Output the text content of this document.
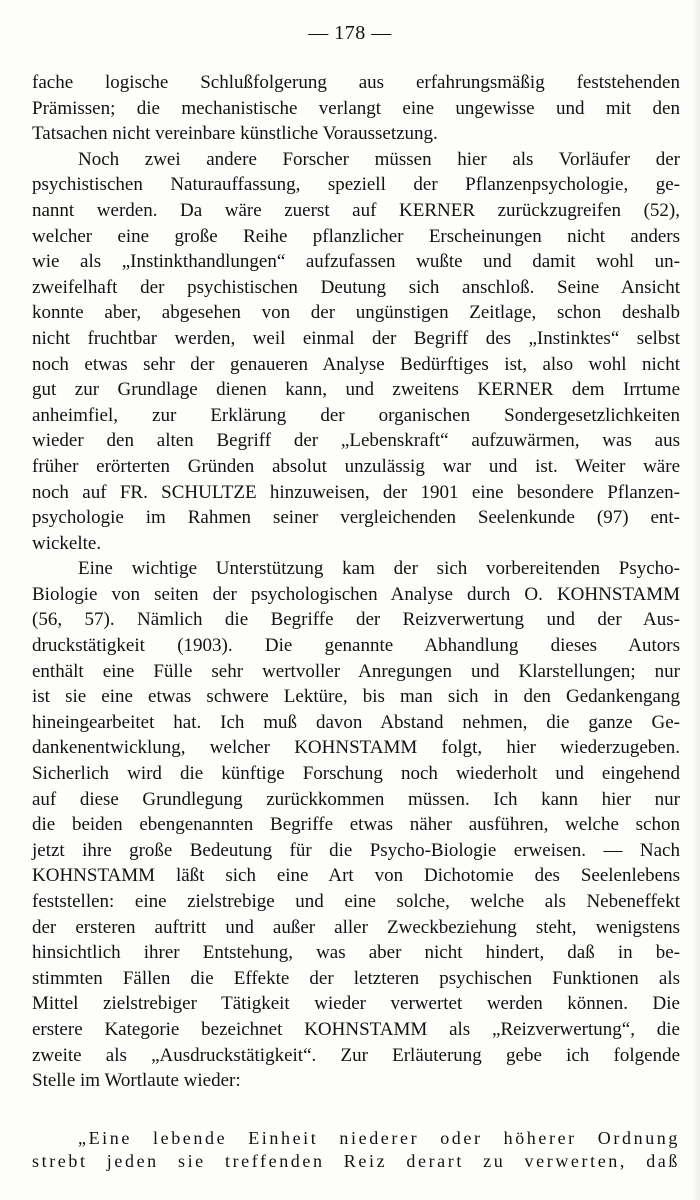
— 178 —
fache logische Schlußfolgerung aus erfahrungsmäßig feststehenden
Prämissen; die mechanistische verlangt eine ungewisse und mit den
Tatsachen nicht vereinbare künstliche Voraussetzung.
Noch zwei andere Forscher müssen hier als Vorläufer der
psychistischen Naturauffassung, speziell der Pflanzenpsychologie, ge-
nannt werden. Da wäre zuerst auf KERNER zurückzugreifen (52),
welcher eine große Reihe pflanzlicher Erscheinungen nicht anders
wie als „Instinkthandlungen“ aufzufassen wußte und damit wohl un-
zweifelhaft der psychistischen Deutung sich anschloß. Seine Ansicht
konnte aber, abgesehen von der ungünstigen Zeitlage, schon deshalb
nicht fruchtbar werden, weil einmal der Begriff des „Instinktes“ selbst
noch etwas sehr der genaueren Analyse Bedürftiges ist, also wohl nicht
gut zur Grundlage dienen kann, und zweitens KERNER dem Irrtume
anheimfiel, zur Erklärung der organischen Sondergesetzlichkeiten
wieder den alten Begriff der „Lebenskraft“ aufzuwärmen, was aus
früher erörterten Gründen absolut unzulässig war und ist. Weiter wäre
noch auf FR. SCHULTZE hinzuweisen, der 1901 eine besondere Pflanzen-
psychologie im Rahmen seiner vergleichenden Seelenkunde (97) ent-
wickelte.
Eine wichtige Unterstützung kam der sich vorbereitenden Psycho-
Biologie von seiten der psychologischen Analyse durch O. KOHNSTAMM
(56, 57). Nämlich die Begriffe der Reizverwertung und der Aus-
druckstätigkeit (1903). Die genannte Abhandlung dieses Autors
enthält eine Fülle sehr wertvoller Anregungen und Klarstellungen; nur
ist sie eine etwas schwere Lektüre, bis man sich in den Gedankengang
hineingearbeitet hat. Ich muß davon Abstand nehmen, die ganze Ge-
dankenentwicklung, welcher KOHNSTAMM folgt, hier wiederzugeben.
Sicherlich wird die künftige Forschung noch wiederholt und eingehend
auf diese Grundlegung zurückkommen müssen. Ich kann hier nur
die beiden ebengenannten Begriffe etwas näher ausführen, welche schon
jetzt ihre große Bedeutung für die Psycho-Biologie erweisen. — Nach
KOHNSTAMM läßt sich eine Art von Dichotomie des Seelenlebens
feststellen: eine zielstrebige und eine solche, welche als Nebeneffekt
der ersteren auftritt und außer aller Zweckbeziehung steht, wenigstens
hinsichtlich ihrer Entstehung, was aber nicht hindert, daß in be-
stimmten Fällen die Effekte der letzteren psychischen Funktionen als
Mittel zielstrebiger Tätigkeit wieder verwertet werden können. Die
erstere Kategorie bezeichnet KOHNSTAMM als „Reizverwertung“, die
zweite als „Ausdruckstätigkeit“. Zur Erläuterung gebe ich folgende
Stelle im Wortlaute wieder:
„Eine lebende Einheit niederer oder höherer Ordnung
strebt jeden sie treffenden Reiz derart zu verwerten, daß
